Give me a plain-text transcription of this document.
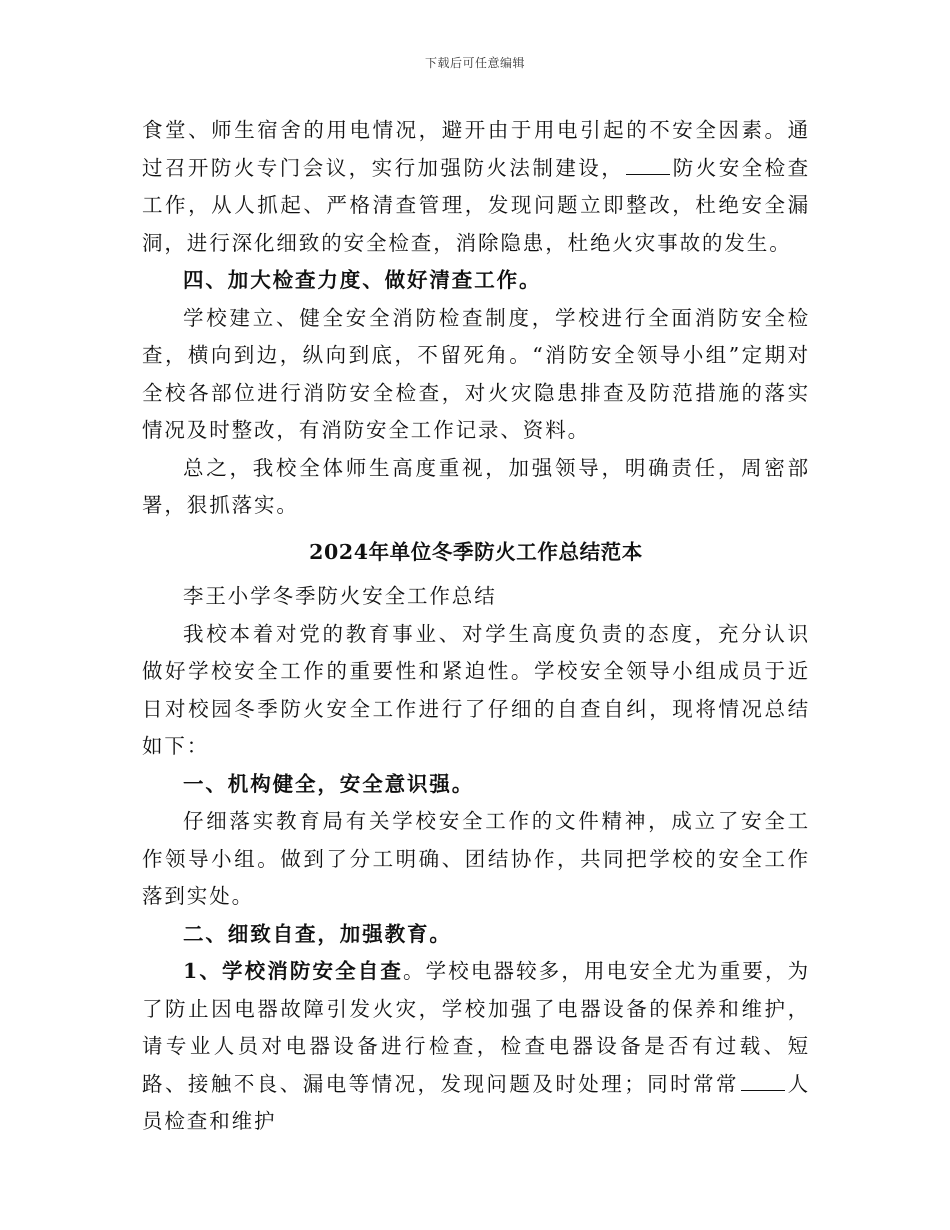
下载后可任意编辑

食堂、师生宿舍的用电情况，避开由于用电引起的不安全因素。通过召开防火专门会议，实行加强防火法制建设， 防火安全检查工作，从人抓起、严格清查管理，发现问题立即整改，杜绝安全漏洞，进行深化细致的安全检查，消除隐患，杜绝火灾事故的发生。

四、加大检查力度、做好清查工作。

学校建立、健全安全消防检查制度，学校进行全面消防安全检查，横向到边，纵向到底，不留死角。“消防安全领导小组”定期对全校各部位进行消防安全检查，对火灾隐患排查及防范措施的落实情况及时整改，有消防安全工作记录、资料。

总之，我校全体师生高度重视，加强领导，明确责任，周密部署，狠抓落实。

2024年单位冬季防火工作总结范本

李王小学冬季防火安全工作总结

我校本着对党的教育事业、对学生高度负责的态度，充分认识做好学校安全工作的重要性和紧迫性。学校安全领导小组成员于近日对校园冬季防火安全工作进行了仔细的自查自纠，现将情况总结如下：

一、机构健全，安全意识强。

仔细落实教育局有关学校安全工作的文件精神，成立了安全工作领导小组。做到了分工明确、团结协作，共同把学校的安全工作落到实处。

二、细致自查，加强教育。

1、学校消防安全自查。学校电器较多，用电安全尤为重要，为了防止因电器故障引发火灾，学校加强了电器设备的保养和维护，请专业人员对电器设备进行检查，检查电器设备是否有过载、短路、接触不良、漏电等情况，发现问题及时处理；同时常常 人员检查和维护
